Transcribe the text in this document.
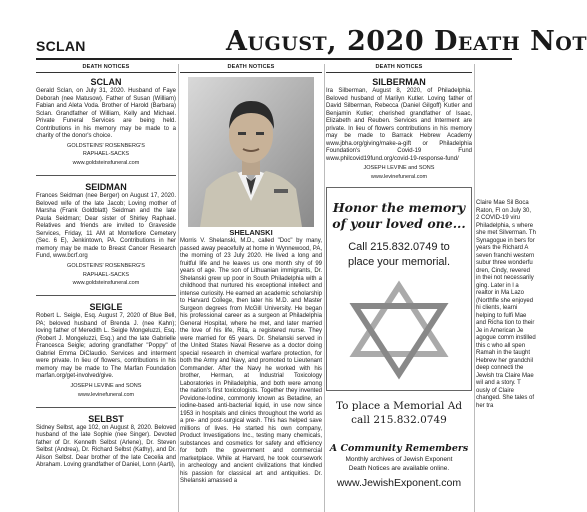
SCLAN	August, 2020 Death Not
DEATH NOTICES
SCLAN

Gerald Sclan, on July 31, 2020. Husband of Faye Deborah (nee Matusow). Father of Susan (William) Fabian and Aleta Voda. Brother of Harold (Barbara) Sclan. Grandfather of William, Kelly and Michael. Private Funeral Services are being held. Contributions in his memory may be made to a charity of the donor's choice.

GOLDSTEINS' ROSENBERG'S
RAPHAEL-SACKS
www.goldsteinsfuneral.com
SEIDMAN

Frances Seidman (nee Berger) on August 17, 2020. Beloved wife of the late Jacob; Loving mother of Marsha (Frank Goldblatt) Seidman and the late Paula Seidman; Dear sister of Shirley Raphael. Relatives and friends are invited to Graveside Services, Friday, 11 AM at Montefiore Cemetery (Sec. 6 E), Jenkintown, PA. Contributions in her memory may be made to Breast Cancer Research Fund, www.bcrf.org

GOLDSTEINS' ROSENBERG'S
RAPHAEL-SACKS
www.goldsteinsfuneral.com
SEIGLE

Robert L. Seigle, Esq. August 7, 2020 of Blue Bell, PA; beloved husband of Brenda J. (nee Kahn); loving father of Meredith L. Seigle Mongeluzzi, Esq. (Robert J. Mongeluzzi, Esq.) and the late Gabrielle Francesca Seigle; adoring grandfather "Poppy" of Gabriel Emma DiClaudio. Services and interment were private. In lieu of flowers, contributions in his memory may be made to The Marfan Foundation marfan.org/get-involved/give.

JOSEPH LEVINE and SONS
www.levinefuneral.com
SELBST

Sidney Selbst, age 102, on August 8, 2020. Beloved husband of the late Sophie (nee Singer). Devoted father of Dr. Kenneth Selbst (Arlene), Dr. Steven Selbst (Andrea), Dr. Richard Selbst (Kathy), and Dr. Alison Selbst. Dear brother of the late Cecelia and Abraham. Loving grandfather of Daniel, Lonn (Aarti),

DEATH NOTICES
SHELANSKI

Morris V. Shelanski, M.D., called "Doc" by many, passed away peacefully at home in Wynnewood, PA, the morning of 23 July 2020. He lived a long and fruitful life and he leaves us one month shy of 99 years of age. The son of Lithuanian immigrants, Dr. Shelanski grew up poor in South Philadelphia with a childhood that nurtured his exceptional intellect and intense curiosity. He earned an academic scholarship to Harvard College, then later his M.D. and Master Surgeon degrees from McGill University. He began his professional career as a surgeon at Philadelphia General Hospital, where he met, and later married the love of his life, Rita, a registered nurse. They were married for 65 years. Dr. Shelanski served in the United States Naval Reserve as a doctor doing special research in chemical warfare protection, for both the Army and Navy, and promoted to Lieutenant Commander. After the Navy he worked with his brother, Herman, at Industrial Toxicology Laboratories in Philadelphia, and both were among the nation's first toxicologists. Together they invented Povidone-Iodine, commonly known as Betadine, an iodine-based anti-bacterial liquid, in use now since 1953 in hospitals and clinics throughout the world as a pre- and post-surgical wash. This has helped save millions of lives. He started his own company, Product Investigations Inc., testing many chemicals, substances and cosmetics for safety and efficiency for both the government and commercial marketplace. While at Harvard, he took coursework in archeology and ancient civilizations that kindled his passion for classical art and antiquities. Dr. Shelanski amassed a

DEATH NOTICES
SILBERMAN

Ira Silberman, August 8, 2020, of Philadelphia. Beloved husband of Marilyn Kutler. Loving father of David Silberman, Rebecca (Daniel Gilgoff) Kutler and Benjamin Kutler; cherished grandfather of Isaac, Elizabeth and Reuben. Services and Interment are private. In lieu of flowers contributions in his memory may be made to Barrack Hebrew Academy www.jbha.org/giving/make-a-gift or Philadelphia Foundation's Covid-19 Fund www.philcovid19fund.org/covid-19-response-fund/

JOSEPH LEVINE and SONS
www.levinefuneral.com
Honor the memory
of your loved one...
Call 215.832.0749 to
place your memorial.
To place a Memorial Ad
call 215.832.0749
A Community Remembers
Monthly archives of Jewish Exponent
Death Notices are available online.
www.JewishExponent.com

Claire Mae Sil Boca Raton, Fl on July 30, 2 COVID-19 viru Philadelphia, s where she met Silverman. Th Synagogue in bers for years the Richard A seven franchi western subur three wonderfu dren, Cindy, revered in thei not necessarily ging. Later in l a realtor in Ma Lazo (Northfle she enjoyed hi clients, learni helping to fulfi Mae and Richa tion to their Je in American Je agogue comm instilled this c who all spen Ramah in the taught Hebrew her grandchil deep connecti the Jewish tra Claire Mae wil and a story. T ously of Claire changed. She tales of her tra
